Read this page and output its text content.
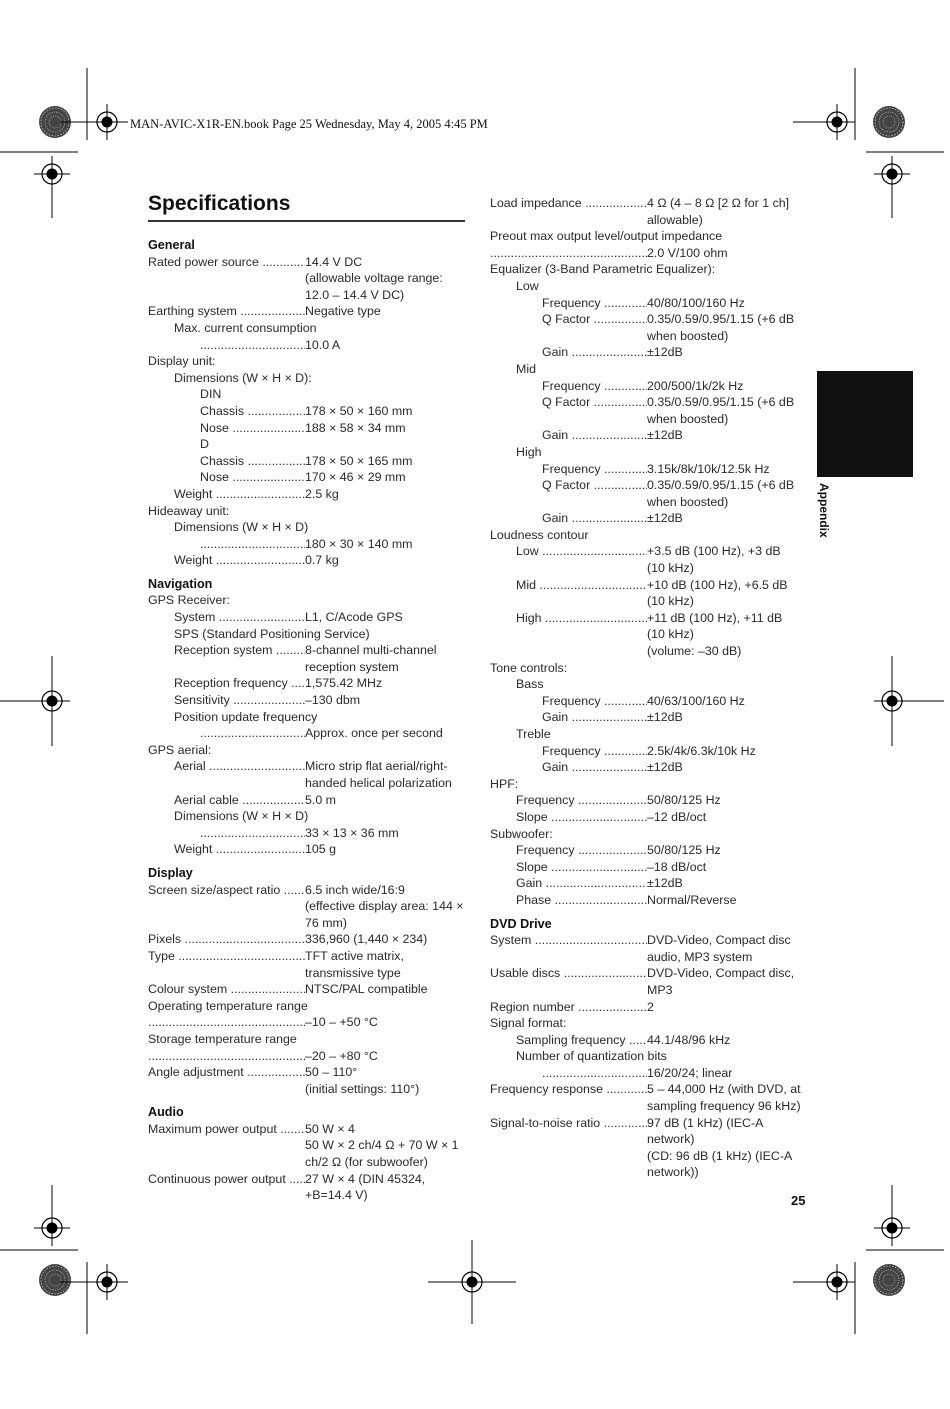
MAN-AVIC-X1R-EN.book Page 25 Wednesday, May 4, 2005 4:45 PM
Specifications
General
Rated power source .....	14.4 V DC
(allowable voltage range:
12.0 – 14.4 V DC)
Earthing system .....	Negative type
Max. current consumption
.....
10.0 A
Display unit:
Dimensions (W × H × D):
DIN
Chassis .....	178 × 50 × 160 mm
Nose .....	188 × 58 × 34 mm
D
Chassis .....	178 × 50 × 165 mm
Nose .....	170 × 46 × 29 mm
Weight .....	2.5 kg
Hideaway unit:
Dimensions (W × H × D)
.....
180 × 30 × 140 mm
Weight .....	0.7 kg
Navigation
GPS Receiver:
System .....	L1, C/Acode GPS
SPS (Standard Positioning Service)
Reception system .....	8-channel multi-channel
reception system
Reception frequency .....	1,575.42 MHz
Sensitivity .....	–130 dbm
Position update frequency
.....
Approx. once per second
GPS aerial:
Aerial .....	Micro strip flat aerial/right-
handed helical polarization
Aerial cable .....	5.0 m
Dimensions (W × H × D)
.....
33 × 13 × 36 mm
Weight .....	105 g
Display
Screen size/aspect ratio .....	6.5 inch wide/16:9
(effective display area: 144 ×
76 mm)
Pixels .....	336,960 (1,440 × 234)
Type .....	TFT active matrix,
transmissive type
Colour system .....	NTSC/PAL compatible
Operating temperature range
.....
–10 – +50 °C
Storage temperature range
.....
–20 – +80 °C
Angle adjustment .....	50 – 110°
(initial settings: 110°)
Audio
Maximum power output .....	50 W × 4
50 W × 2 ch/4 Ω + 70 W × 1
ch/2 Ω (for subwoofer)
Continuous power output .....	27 W × 4 (DIN 45324,
+B=14.4 V)
Load impedance .....	4 Ω (4 – 8 Ω [2 Ω for 1 ch]
allowable)
Preout max output level/output impedance
.....
2.0 V/100 ohm
Equalizer (3-Band Parametric Equalizer):
Low
Frequency .....	40/80/100/160 Hz
Q Factor .....	0.35/0.59/0.95/1.15 (+6 dB
when boosted)
Gain .....	±12dB
Mid
Frequency .....	200/500/1k/2k Hz
Q Factor .....	0.35/0.59/0.95/1.15 (+6 dB
when boosted)
Gain .....	±12dB
High
Frequency .....	3.15k/8k/10k/12.5k Hz
Q Factor .....	0.35/0.59/0.95/1.15 (+6 dB
when boosted)
Gain .....	±12dB
Loudness contour
Low .....	+3.5 dB (100 Hz), +3 dB
(10 kHz)
Mid .....	+10 dB (100 Hz), +6.5 dB
(10 kHz)
High .....	+11 dB (100 Hz), +11 dB
(10 kHz)
(volume: –30 dB)
Tone controls:
Bass
Frequency .....	40/63/100/160 Hz
Gain .....	±12dB
Treble
Frequency .....	2.5k/4k/6.3k/10k Hz
Gain .....	±12dB
HPF:
Frequency .....	50/80/125 Hz
Slope .....	–12 dB/oct
Subwoofer:
Frequency .....	50/80/125 Hz
Slope .....	–18 dB/oct
Gain .....	±12dB
Phase .....	Normal/Reverse
DVD Drive
System .....	DVD-Video, Compact disc
audio, MP3 system
Usable discs .....	DVD-Video, Compact disc,
MP3
Region number .....	2
Signal format:
Sampling frequency .....	44.1/48/96 kHz
Number of quantization bits
.....
16/20/24; linear
Frequency response .....	5 – 44,000 Hz (with DVD, at
sampling frequency 96 kHz)
Signal-to-noise ratio .....	97 dB (1 kHz) (IEC-A
network)
(CD: 96 dB (1 kHz) (IEC-A
network))
Appendix
25
